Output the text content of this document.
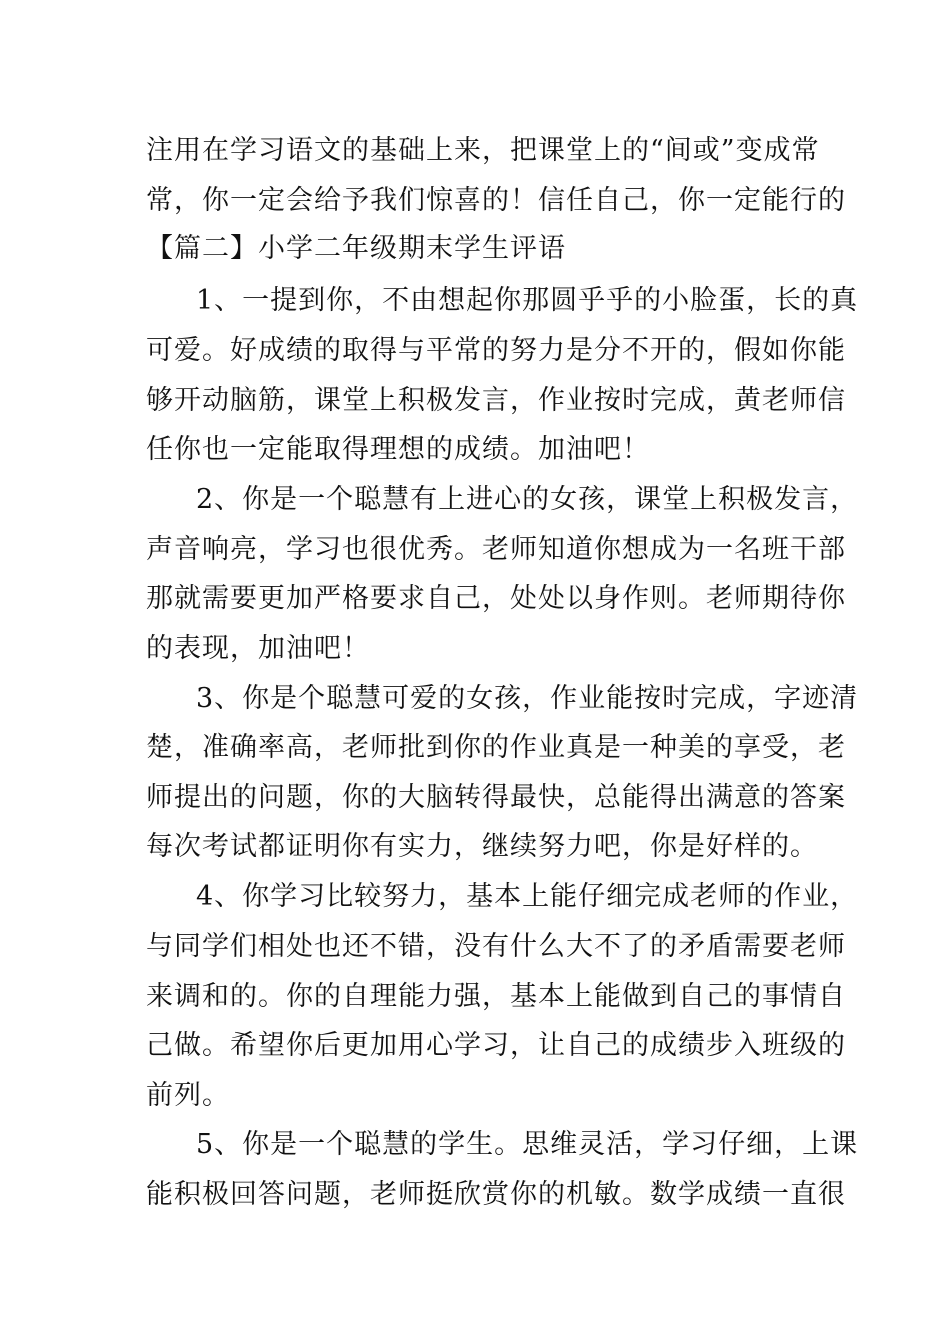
注用在学习语文的基础上来，把课堂上的“间或”变成常
常，你一定会给予我们惊喜的！信任自己，你一定能行的
【篇二】小学二年级期末学生评语
1、一提到你，不由想起你那圆乎乎的小脸蛋，长的真
可爱。好成绩的取得与平常的努力是分不开的，假如你能
够开动脑筋，课堂上积极发言，作业按时完成，黄老师信
任你也一定能取得理想的成绩。加油吧！
2、你是一个聪慧有上进心的女孩，课堂上积极发言，
声音响亮，学习也很优秀。老师知道你想成为一名班干部
那就需要更加严格要求自己，处处以身作则。老师期待你
的表现，加油吧！
3、你是个聪慧可爱的女孩，作业能按时完成，字迹清
楚，准确率高，老师批到你的作业真是一种美的享受，老
师提出的问题，你的大脑转得最快，总能得出满意的答案
每次考试都证明你有实力，继续努力吧，你是好样的。
4、你学习比较努力，基本上能仔细完成老师的作业，
与同学们相处也还不错，没有什么大不了的矛盾需要老师
来调和的。你的自理能力强，基本上能做到自己的事情自
己做。希望你后更加用心学习，让自己的成绩步入班级的
前列。
5、你是一个聪慧的学生。思维灵活，学习仔细，上课
能积极回答问题，老师挺欣赏你的机敏。数学成绩一直很
